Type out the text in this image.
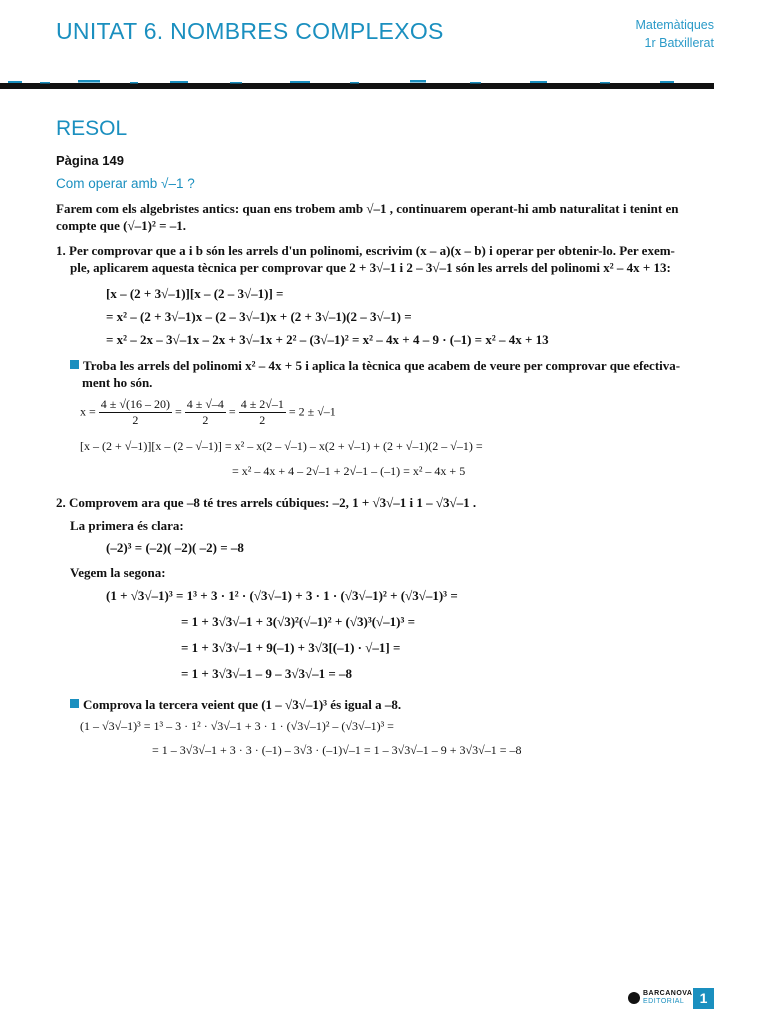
UNITAT 6. NOMBRES COMPLEXOS	Matemàtiques
1r Batxillerat
RESOL
Pàgina 149
Com operar amb √–1 ?
Farem com els algebristes antics: quan ens trobem amb √–1 , continuarem operant-hi amb naturalitat i tenint en
compte que (√–1)² = –1.
1. Per comprovar que a i b són les arrels d'un polinomi, escrivim (x – a)(x – b) i operar per obtenir-lo. Per exem-
ple, aplicarem aquesta tècnica per comprovar que 2 + 3√–1 i 2 – 3√–1 són les arrels del polinomi x² – 4x + 13:
[x – (2 + 3√–1)][x – (2 – 3√–1)] =
= x² – (2 + 3√–1)x – (2 – 3√–1)x + (2 + 3√–1)(2 – 3√–1) =
= x² – 2x – 3√–1x – 2x + 3√–1x + 2² – (3√–1)² = x² – 4x + 4 – 9 · (–1) = x² – 4x + 13
Troba les arrels del polinomi x² – 4x + 5 i aplica la tècnica que acabem de veure per comprovar que efectiva-
ment ho són.
$x = \frac{4 \pm √(16 - 20)}{2} = \frac{4 \pm √-4}{2} = \frac{4 \pm 2√-1}{2} = 2 \pm √-1$
[x – (2 + √–1)][x – (2 – √–1)] = x² – x(2 – √–1) – x(2 + √–1) + (2 + √–1)(2 – √–1) =
= x² – 4x + 4 – 2√–1 + 2√–1 – (–1) = x² – 4x + 5
2. Comprovem ara que –8 té tres arrels cúbiques: –2, 1 + √3√–1 i 1 – √3√–1 .
La primera és clara:
(–2)³ = (–2)( –2)( –2) = –8
Vegem la segona:
(1 + √3√–1)³ = 1³ + 3 · 1² · (√3√–1) + 3 · 1 · (√3√–1)² + (√3√–1)³ =
= 1 + 3√3√–1 + 3(√3)²(√–1)² + (√3)³(√–1)³ =
= 1 + 3√3√–1 + 9(–1) + 3√3[(–1) · √–1] =
= 1 + 3√3√–1 – 9 – 3√3√–1 = –8
Comprova la tercera veient que (1 – √3√–1)³ és igual a –8.
(1 – √3√–1)³ = 1³ – 3 · 1² · √3√–1 + 3 · 1 · (√3√–1)² – (√3√–1)³ =
= 1 – 3√3√–1 + 3 · 3 · (–1) – 3√3 · (–1)√–1 = 1 – 3√3√–1 – 9 + 3√3√–1 = –8
BARCANOVA
EDITORIAL	1
